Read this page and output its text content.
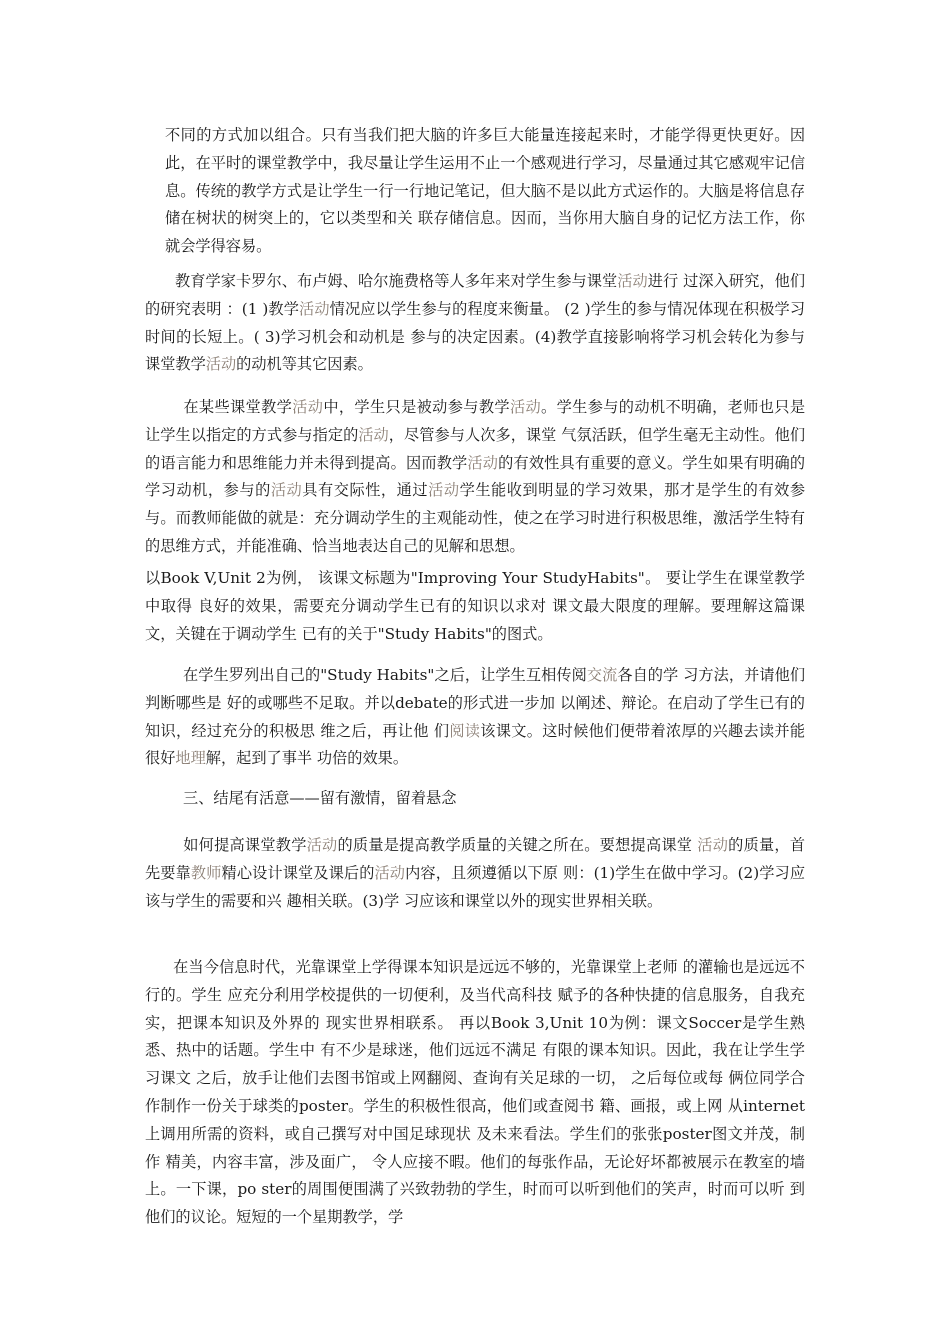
不同的方式加以组合。只有当我们把大脑的许多巨大能量连接起来时，才能学得更快更好。因此，在平时的课堂教学中，我尽量让学生运用不止一个感观进行学习，尽量通过其它感观牢记信息。传统的教学方式是让学生一行一行地记笔记，但大脑不是以此方式运作的。大脑是将信息存储在树状的树突上的，它以类型和关 联存储信息。因而，当你用大脑自身的记忆方法工作，你就会学得容易。

教育学家卡罗尔、布卢姆、哈尔施费格等人多年来对学生参与课堂活动进行 过深入研究，他们的研究表明 ：(1 )教学活动情况应以学生参与的程度来衡量。 (2 )学生的参与情况体现在积极学习时间的长短上。( 3)学习机会和动机是 参与的决定因素。(4)教学直接影响将学习机会转化为参与课堂教学活动的动机等其它因素。

在某些课堂教学活动中，学生只是被动参与教学活动。学生参与的动机不明确，老师也只是让学生以指定的方式参与指定的活动，尽管参与人次多，课堂 气氛活跃，但学生毫无主动性。他们的语言能力和思维能力并未得到提高。因而教学活动的有效性具有重要的意义。学生如果有明确的学习动机，参与的活动具有交际性，通过活动学生能收到明显的学习效果，那才是学生的有效参与。而教师能做的就是：充分调动学生的主观能动性，使之在学习时进行积极思维，激活学生特有的思维方式，并能准确、恰当地表达自己的见解和思想。

以Book V,Unit 2为例， 该课文标题为"Improving Your StudyHabits"。 要让学生在课堂教学中取得 良好的效果，需要充分调动学生已有的知识以求对 课文最大限度的理解。要理解这篇课文，关键在于调动学生 已有的关于"Study Habits"的图式。

在学生罗列出自己的"Study Habits"之后，让学生互相传阅交流各自的学 习方法，并请他们判断哪些是 好的或哪些不足取。并以debate的形式进一步加 以阐述、辩论。在启动了学生已有的知识，经过充分的积极思 维之后，再让他 们阅读该课文。这时候他们便带着浓厚的兴趣去读并能很好地理解，起到了事半 功倍的效果。

三、结尾有活意——留有激情，留着悬念

如何提高课堂教学活动的质量是提高教学质量的关键之所在。要想提高课堂 活动的质量，首先要靠教师精心设计课堂及课后的活动内容，且须遵循以下原 则：(1)学生在做中学习。(2)学习应该与学生的需要和兴 趣相关联。(3)学 习应该和课堂以外的现实世界相关联。

在当今信息时代，光靠课堂上学得课本知识是远远不够的，光靠课堂上老师 的灌输也是远远不行的。学生 应充分利用学校提供的一切便利，及当代高科技 赋予的各种快捷的信息服务，自我充实，把课本知识及外界的 现实世界相联系。 再以Book 3,Unit 10为例：课文Soccer是学生熟悉、热中的话题。学生中 有不少是球迷，他们远远不满足 有限的课本知识。因此，我在让学生学习课文 之后，放手让他们去图书馆或上网翻阅、查询有关足球的一切， 之后每位或每 俩位同学合作制作一份关于球类的poster。学生的积极性很高，他们或查阅书 籍、画报，或上网 从internet上调用所需的资料，或自己撰写对中国足球现状 及未来看法。学生们的张张poster图文并茂，制作 精美，内容丰富，涉及面广， 令人应接不暇。他们的每张作品，无论好坏都被展示在教室的墙上。一下课，po ster的周围便围满了兴致勃勃的学生，时而可以听到他们的笑声，时而可以听 到他们的议论。短短的一个星期教学，学
